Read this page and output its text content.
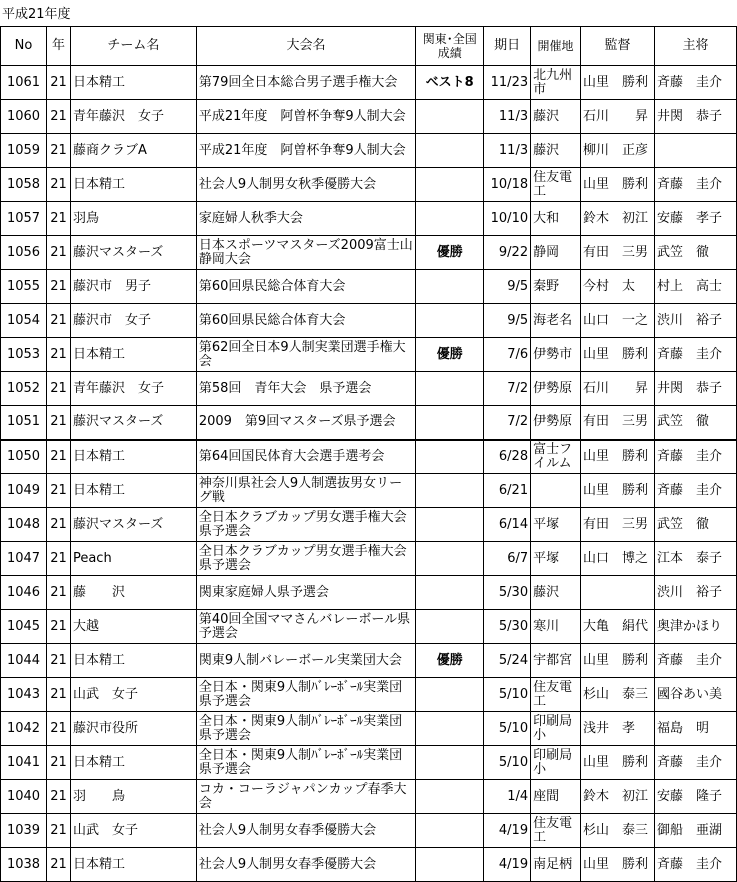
平成21年度
No	年	チーム名	大会名	関東･全国成績	期日	開催地	監督	主将
1061	21	日本精工	第79回全日本総合男子選手権大会	ベスト8	11/23	北九州市	山里　勝利	斉藤　圭介
1060	21	青年藤沢　女子	平成21年度　阿曽杯争奪9人制大会		11/3	藤沢	石川　　昇	井関　恭子
1059	21	藤商クラブA	平成21年度　阿曽杯争奪9人制大会		11/3	藤沢	柳川　正彦	
1058	21	日本精工	社会人9人制男女秋季優勝大会		10/18	住友電工	山里　勝利	斉藤　圭介
1057	21	羽鳥	家庭婦人秋季大会		10/10	大和	鈴木　初江	安藤　孝子
1056	21	藤沢マスターズ	日本スポーツマスターズ2009富士山静岡大会	優勝	9/22	静岡	有田　三男	武笠　徹
1055	21	藤沢市　男子	第60回県民総合体育大会		9/5	秦野	今村　太	村上　高士
1054	21	藤沢市　女子	第60回県民総合体育大会		9/5	海老名	山口　一之	渋川　裕子
1053	21	日本精工	第62回全日本9人制実業団選手権大会	優勝	7/6	伊勢市	山里　勝利	斉藤　圭介
1052	21	青年藤沢　女子	第58回　青年大会　県予選会		7/2	伊勢原	石川　　昇	井関　恭子
1051	21	藤沢マスターズ	2009　第9回マスターズ県予選会		7/2	伊勢原	有田　三男	武笠　徹
1050	21	日本精工	第64回国民体育大会選手選考会		6/28	富士フイルム	山里　勝利	斉藤　圭介
1049	21	日本精工	神奈川県社会人9人制選抜男女リーグ戦		6/21		山里　勝利	斉藤　圭介
1048	21	藤沢マスターズ	全日本クラブカップ男女選手権大会県予選会		6/14	平塚	有田　三男	武笠　徹
1047	21	Peach	全日本クラブカップ男女選手権大会県予選会		6/7	平塚	山口　博之	江本　泰子
1046	21	藤　　沢	関東家庭婦人県予選会		5/30	藤沢		渋川　裕子
1045	21	大越	第40回全国ママさんバレーボール県予選会		5/30	寒川	大亀　絹代	奥津かほり
1044	21	日本精工	関東9人制バレーボール実業団大会	優勝	5/24	宇都宮	山里　勝利	斉藤　圭介
1043	21	山武　女子	全日本・関東9人制ﾊﾞﾚｰﾎﾞｰﾙ実業団県予選会		5/10	住友電工	杉山　泰三	國谷あい美
1042	21	藤沢市役所	全日本・関東9人制ﾊﾞﾚｰﾎﾞｰﾙ実業団県予選会		5/10	印刷局小	浅井　孝	福島　明
1041	21	日本精工	全日本・関東9人制ﾊﾞﾚｰﾎﾞｰﾙ実業団県予選会		5/10	印刷局小	山里　勝利	斉藤　圭介
1040	21	羽　　鳥	コカ・コーラジャパンカップ春季大会		1/4	座間	鈴木　初江	安藤　隆子
1039	21	山武　女子	社会人9人制男女春季優勝大会		4/19	住友電工	杉山　泰三	御船　亜湖
1038	21	日本精工	社会人9人制男女春季優勝大会		4/19	南足柄	山里　勝利	斉藤　圭介
